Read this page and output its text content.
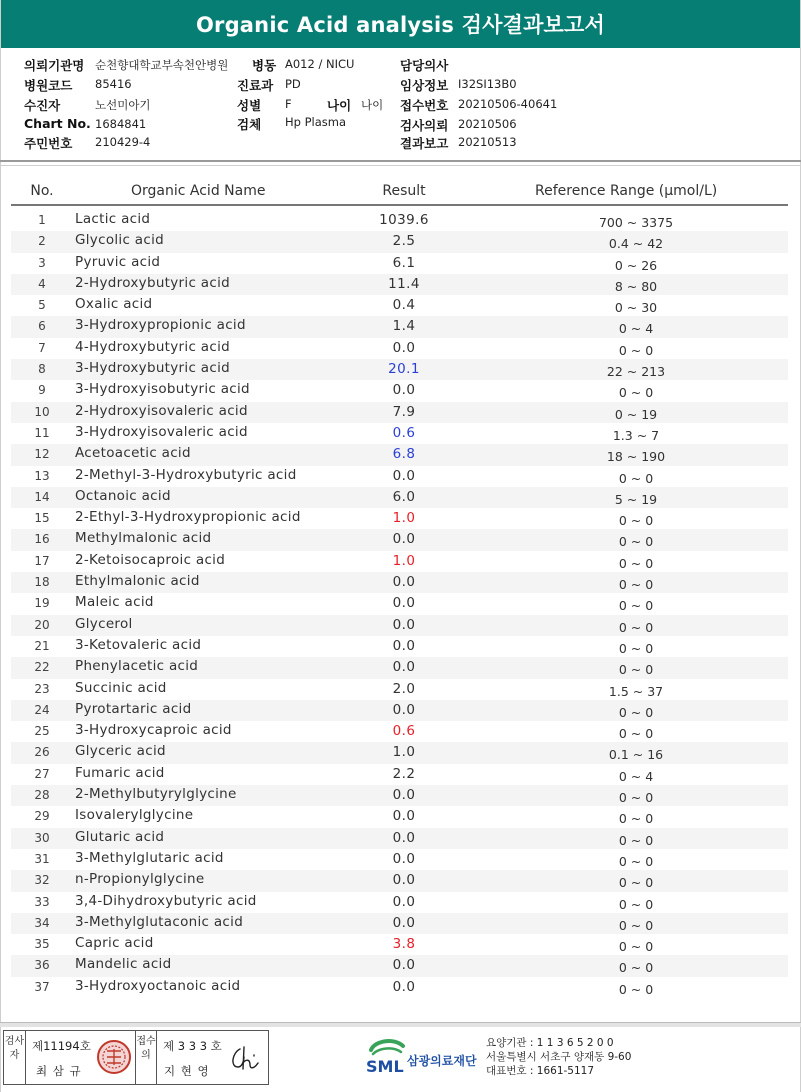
Organic Acid analysis 검사결과보고서
의뢰기관명 순천향대학교부속천안병원 병동 A012 / NICU	담당의사
병원코드 85416	진료과 PD	임상정보 I32SI13B0
수진자	노선미아기	성별 F	나이 나이 접수번호 20210506-40641
Chart No. 1684841	검체 Hp Plasma	검사의뢰 20210506
주민번호 210429-4	결과보고 20210513
No.	Organic Acid Name	Result	Reference Range (μmol/L)
1	Lactic acid	1039.6	700 ~ 3375
2	Glycolic acid	2.5	0.4 ~ 42
3	Pyruvic acid	6.1	0 ~ 26
4	2-Hydroxybutyric acid	11.4	8 ~ 80
5	Oxalic acid	0.4	0 ~ 30
6	3-Hydroxypropionic acid	1.4	0 ~ 4
7	4-Hydroxybutyric acid	0.0	0 ~ 0
8	3-Hydroxybutyric acid	20.1	22 ~ 213
9	3-Hydroxyisobutyric acid	0.0	0 ~ 0
10	2-Hydroxyisovaleric acid	7.9	0 ~ 19
11	3-Hydroxyisovaleric acid	0.6	1.3 ~ 7
12	Acetoacetic acid	6.8	18 ~ 190
13	2-Methyl-3-Hydroxybutyric acid	0.0	0 ~ 0
14	Octanoic acid	6.0	5 ~ 19
15	2-Ethyl-3-Hydroxypropionic acid	1.0	0 ~ 0
16	Methylmalonic acid	0.0	0 ~ 0
17	2-Ketoisocaproic acid	1.0	0 ~ 0
18	Ethylmalonic acid	0.0	0 ~ 0
19	Maleic acid	0.0	0 ~ 0
20	Glycerol	0.0	0 ~ 0
21	3-Ketovaleric acid	0.0	0 ~ 0
22	Phenylacetic acid	0.0	0 ~ 0
23	Succinic acid	2.0	1.5 ~ 37
24	Pyrotartaric acid	0.0	0 ~ 0
25	3-Hydroxycaproic acid	0.6	0 ~ 0
26	Glyceric acid	1.0	0.1 ~ 16
27	Fumaric acid	2.2	0 ~ 4
28	2-Methylbutyrylglycine	0.0	0 ~ 0
29	Isovalerylglycine	0.0	0 ~ 0
30	Glutaric acid	0.0	0 ~ 0
31	3-Methylglutaric acid	0.0	0 ~ 0
32	n-Propionylglycine	0.0	0 ~ 0
33	3,4-Dihydroxybutyric acid	0.0	0 ~ 0
34	3-Methylglutaconic acid	0.0	0 ~ 0
35	Capric acid	3.8	0 ~ 0
36	Mandelic acid	0.0	0 ~ 0
37	3-Hydroxyoctanoic acid	0.0	0 ~ 0
검사자
제11194호
최 삼 규
접수의
제 3 3 3 호
지 현 영	SML 삼광의료재단
요양기관 : 1 1 3 6 5 2 0 0
서울특별시 서초구 양재동 9-60
대표번호 : 1661-5117
